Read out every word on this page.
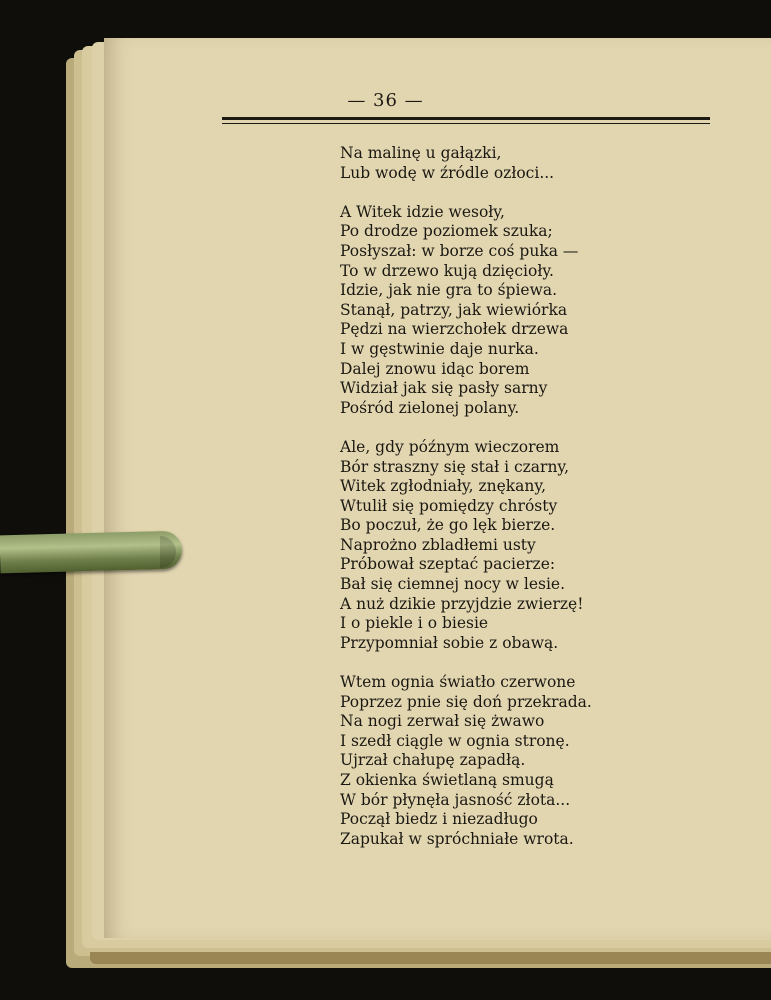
— 36 —
Na malinę u gałązki,
Lub wodę w źródle ozłoci...
A Witek idzie wesoły,
Po drodze poziomek szuka;
Posłyszał: w borze coś puka —
To w drzewo kują dzięcioły.
Idzie, jak nie gra to śpiewa.
Stanął, patrzy, jak wiewiórka
Pędzi na wierzchołek drzewa
I w gęstwinie daje nurka.
Dalej znowu idąc borem
Widział jak się pasły sarny
Pośród zielonej polany.
Ale, gdy późnym wieczorem
Bór straszny się stał i czarny,
Witek zgłodniały, znękany,
Wtulił się pomiędzy chrósty
Bo poczuł, że go lęk bierze.
Naprożno zbladłemi usty
Próbował szeptać pacierze:
Bał się ciemnej nocy w lesie.
A nuż dzikie przyjdzie zwierzę!
I o piekle i o biesie
Przypomniał sobie z obawą.
Wtem ognia światło czerwone
Poprzez pnie się doń przekrada.
Na nogi zerwał się żwawo
I szedł ciągle w ognia stronę.
Ujrzał chałupę zapadłą.
Z okienka świetlaną smugą
W bór płynęła jasność złota...
Począł biedz i niezadługo
Zapukał w spróchniałe wrota.
